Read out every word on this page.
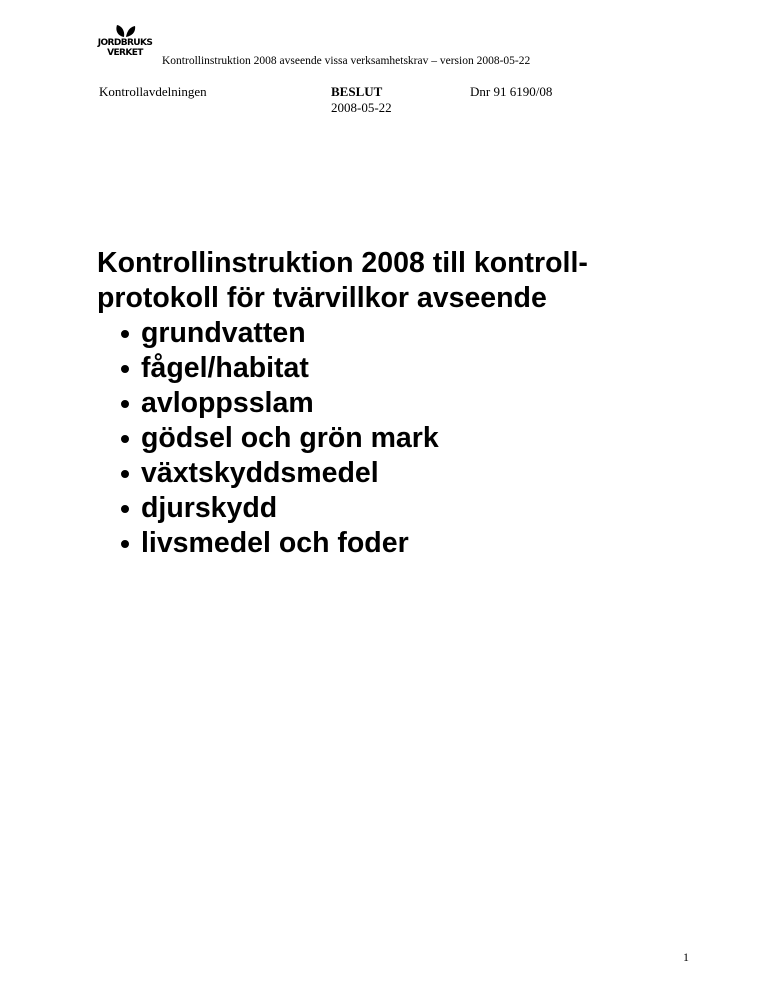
JORDBRUKS
VERKET
Kontrollinstruktion 2008 avseende vissa verksamhetskrav – version 2008-05-22
Kontrollavdelningen	BESLUT
2008-05-22
Dnr 91 6190/08
Kontrollinstruktion 2008 till kontroll-
protokoll för tvärvillkor avseende
grundvatten
fågel/habitat
avloppsslam
gödsel och grön mark
växtskyddsmedel
djurskydd
livsmedel och foder
1
